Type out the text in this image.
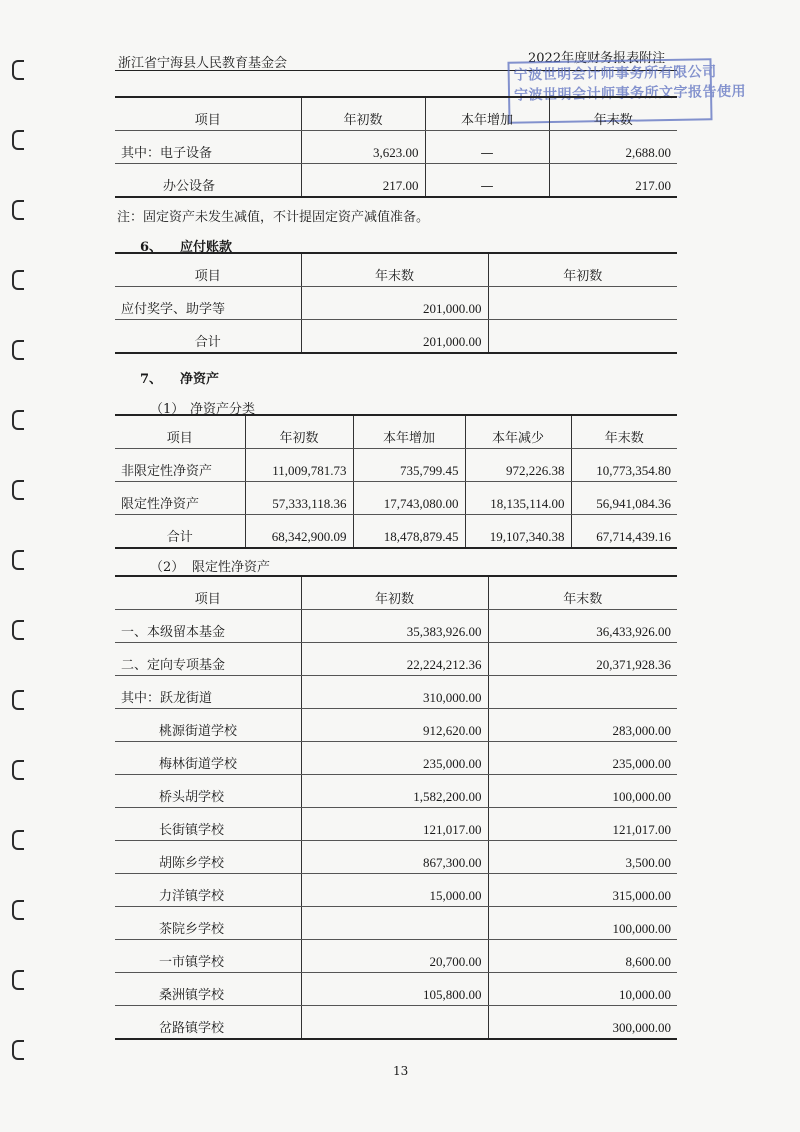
浙江省宁海县人民教育基金会	2022年度财务报表附注
宁波世明会计师事务所有限公司
宁波世明会计师事务所文字报告使用
项目	年初数	本年增加	年末数
其中：电子设备	3,623.00	—	2,688.00
办公设备	217.00	—	217.00
注：固定资产未发生减值，不计提固定资产减值准备。
6、 应付账款
项目	年末数	年初数
应付奖学、助学等	201,000.00	
合计	201,000.00	
7、 净资产
（1） 净资产分类
项目	年初数	本年增加	本年减少	年末数
非限定性净资产	11,009,781.73	735,799.45	972,226.38	10,773,354.80
限定性净资产	57,333,118.36	17,743,080.00	18,135,114.00	56,941,084.36
合计	68,342,900.09	18,478,879.45	19,107,340.38	67,714,439.16
（2） 限定性净资产
项目	年初数	年末数
一、本级留本基金	35,383,926.00	36,433,926.00
二、定向专项基金	22,224,212.36	20,371,928.36
其中：跃龙街道	310,000.00	
桃源街道学校	912,620.00	283,000.00
梅林街道学校	235,000.00	235,000.00
桥头胡学校	1,582,200.00	100,000.00
长街镇学校	121,017.00	121,017.00
胡陈乡学校	867,300.00	3,500.00
力洋镇学校	15,000.00	315,000.00
茶院乡学校		100,000.00
一市镇学校	20,700.00	8,600.00
桑洲镇学校	105,800.00	10,000.00
岔路镇学校		300,000.00
13
